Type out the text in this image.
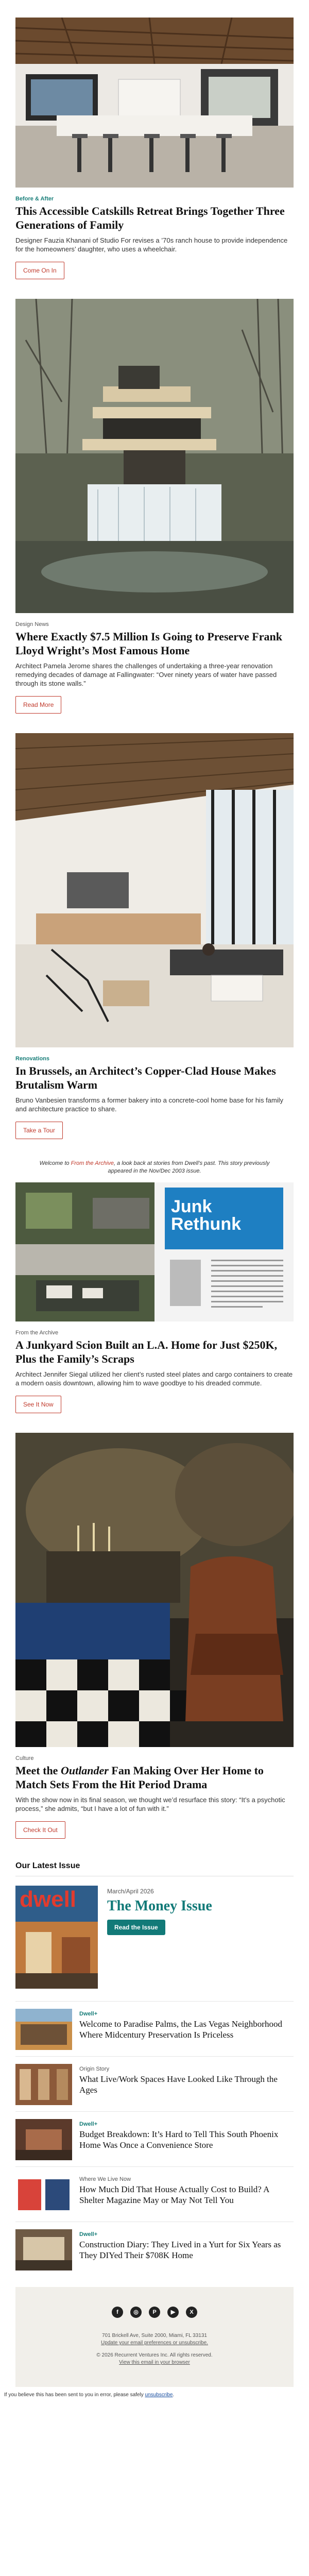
Before & After
This Accessible Catskills Retreat Brings Together Three Generations of Family
Designer Fauzia Khanani of Studio For revises a ’70s ranch house to provide independence for the homeowners’ daughter, who uses a wheelchair.
Come On In
Design News
Where Exactly $7.5 Million Is Going to Preserve Frank Lloyd Wright’s Most Famous Home
Architect Pamela Jerome shares the challenges of undertaking a three-year renovation remedying decades of damage at Fallingwater: “Over ninety years of water have passed through its stone walls.”
Read More
Renovations
In Brussels, an Architect’s Copper-Clad House Makes Brutalism Warm
Bruno Vanbesien transforms a former bakery into a concrete-cool home base for his family and architecture practice to share.
Take a Tour
Welcome to From the Archive, a look back at stories from Dwell’s past. This story previously appeared in the Nov/Dec 2003 issue.
Junk Rethunk
From the Archive
A Junkyard Scion Built an L.A. Home for Just $250K, Plus the Family’s Scraps
Architect Jennifer Siegal utilized her client’s rusted steel plates and cargo containers to create a modern oasis downtown, allowing him to wave goodbye to his dreaded commute.
See It Now
Culture
Meet the Outlander Fan Making Over Her Home to Match Sets From the Hit Period Drama
With the show now in its final season, we thought we’d resurface this story: “It’s a psychotic process,” she admits, “but I have a lot of fun with it.”
Check It Out
Our Latest Issue
dwell	March/April 2026
The Money Issue
Read the Issue
Dwell+
Welcome to Paradise Palms, the Las Vegas Neighborhood Where Midcentury Preservation Is Priceless
Origin Story
What Live/Work Spaces Have Looked Like Through the Ages
Dwell+
Budget Breakdown: It’s Hard to Tell This South Phoenix Home Was Once a Convenience Store
Where We Live Now
How Much Did That House Actually Cost to Build? A Shelter Magazine May or May Not Tell You
Dwell+
Construction Diary: They Lived in a Yurt for Six Years as They DIYed Their $708K Home
f	◎	P	▶	X
701 Brickell Ave, Suite 2000, Miami, FL 33131
Update your email preferences or unsubscribe.
© 2026 Recurrent Ventures Inc. All rights reserved.
View this email in your browser
If you believe this has been sent to you in error, please safely unsubscribe.
